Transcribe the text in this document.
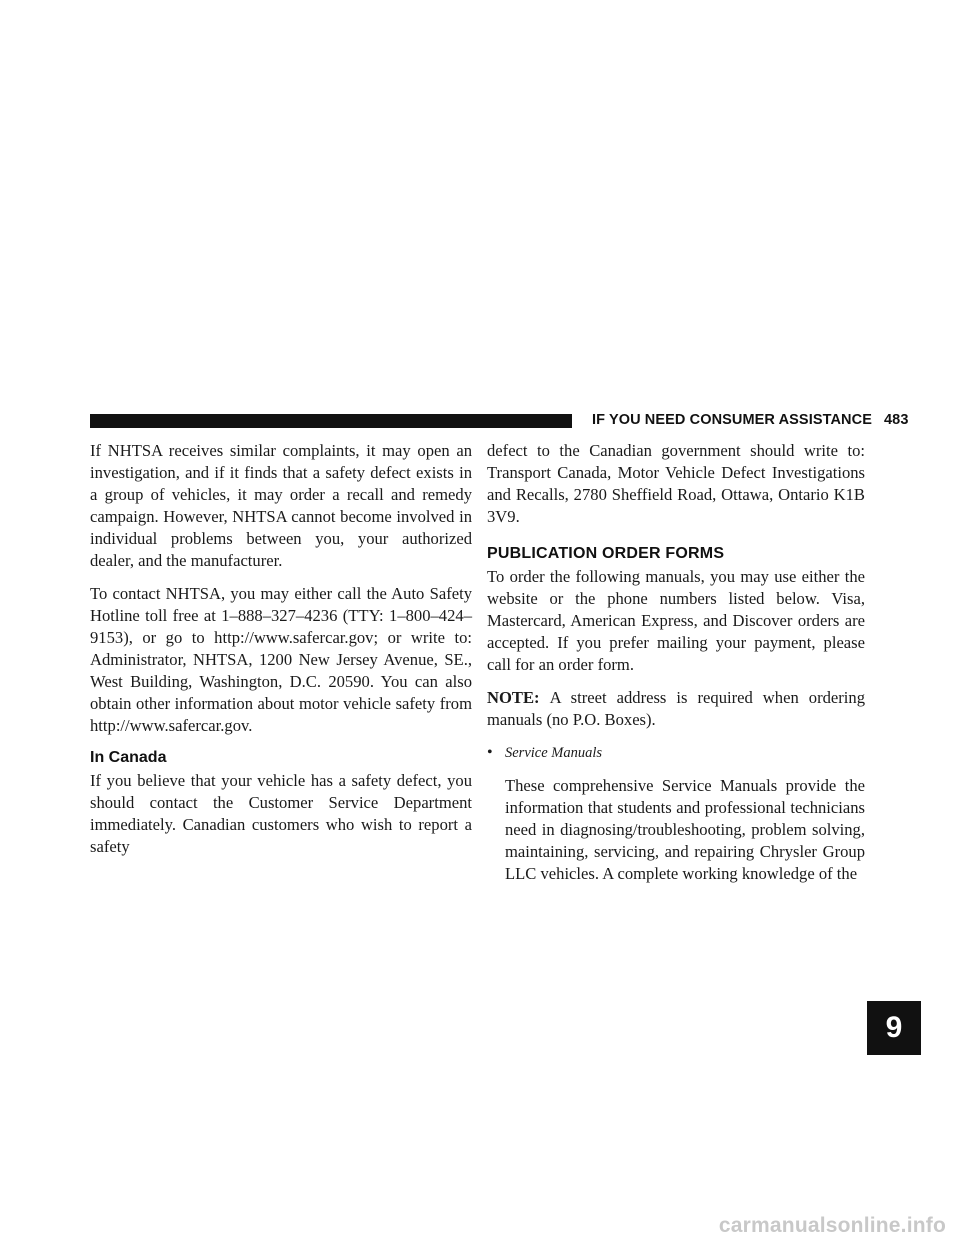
IF YOU NEED CONSUMER ASSISTANCE 483

If NHTSA receives similar complaints, it may open an investigation, and if it finds that a safety defect exists in a group of vehicles, it may order a recall and remedy campaign. However, NHTSA cannot become involved in individual problems between you, your authorized dealer, and the manufacturer.

To contact NHTSA, you may either call the Auto Safety Hotline toll free at 1–888–327–4236 (TTY: 1–800–424–9153), or go to http://www.safercar.gov; or write to: Administrator, NHTSA, 1200 New Jersey Avenue, SE., West Building, Washington, D.C. 20590. You can also obtain other information about motor vehicle safety from http://www.safercar.gov.

In Canada

If you believe that your vehicle has a safety defect, you should contact the Customer Service Department immediately. Canadian customers who wish to report a safety

defect to the Canadian government should write to: Transport Canada, Motor Vehicle Defect Investigations and Recalls, 2780 Sheffield Road, Ottawa, Ontario K1B 3V9.

PUBLICATION ORDER FORMS

To order the following manuals, you may use either the website or the phone numbers listed below. Visa, Mastercard, American Express, and Discover orders are accepted. If you prefer mailing your payment, please call for an order form.

NOTE: A street address is required when ordering manuals (no P.O. Boxes).

• Service Manuals

These comprehensive Service Manuals provide the information that students and professional technicians need in diagnosing/troubleshooting, problem solving, maintaining, servicing, and repairing Chrysler Group LLC vehicles. A complete working knowledge of the

9
carmanualsonline.info
